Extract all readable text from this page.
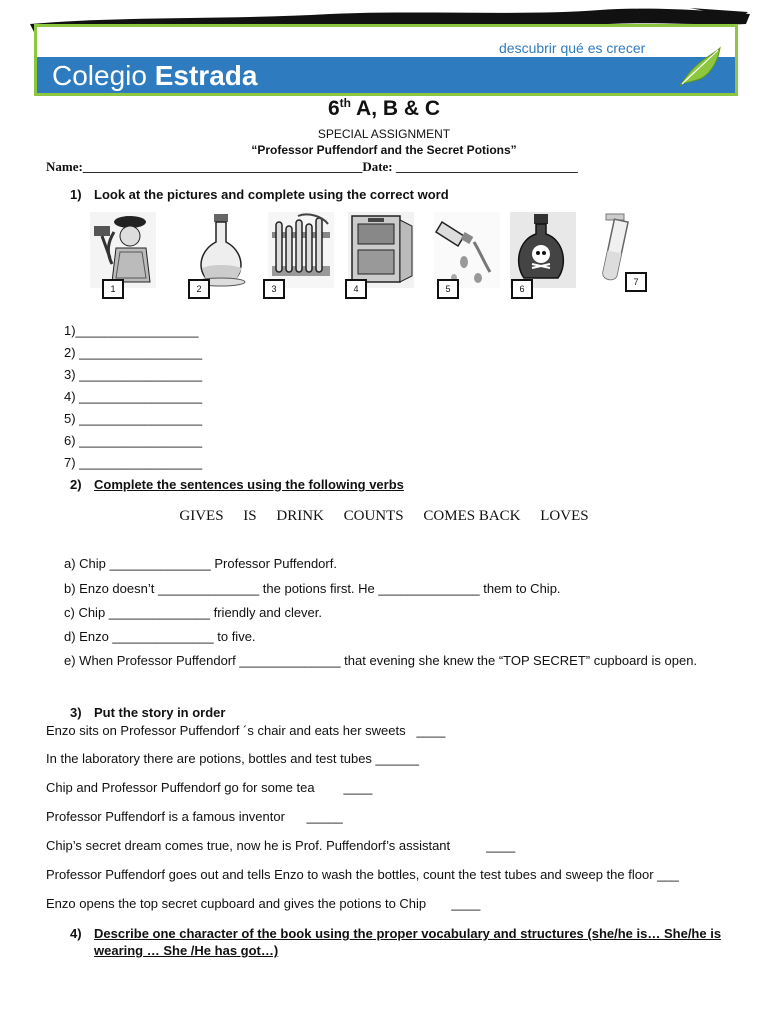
descubrir qué es crecer
Colegio Estrada
6th A, B & C
SPECIAL ASSIGNMENT
“Professor Puffendorf and the Secret Potions”
Name:___________________________________________Date: ____________________________
1) Look at the pictures and complete using the correct word
1	2	3	4	5	6
7
1)_________________
2) _________________
3) _________________
4) _________________
5) _________________
6) _________________
7) _________________
2) Complete the sentences using the following verbs
GIVES IS DRINK COUNTS COMES BACK LOVES
a) Chip ______________ Professor Puffendorf.
b) Enzo doesn’t ______________ the potions first. He ______________ them to Chip.
c) Chip ______________ friendly and clever.
d) Enzo ______________ to five.
e) When Professor Puffendorf ______________ that evening she knew the “TOP SECRET” cupboard is open.
3) Put the story in order
Enzo sits on Professor Puffendorf ´s chair and eats her sweets   ____
In the laboratory there are potions, bottles and test tubes ______
Chip and Professor Puffendorf go for some tea        ____
Professor Puffendorf is a famous inventor      _____
Chip’s secret dream comes true, now he is Prof. Puffendorf’s assistant          ____
Professor Puffendorf goes out and tells Enzo to wash the bottles, count the test tubes and sweep the floor ___
Enzo opens the top secret cupboard and gives the potions to Chip       ____
4) Describe one character of the book using the proper vocabulary and structures (she/he is… She/he is
wearing … She /He has got…)
